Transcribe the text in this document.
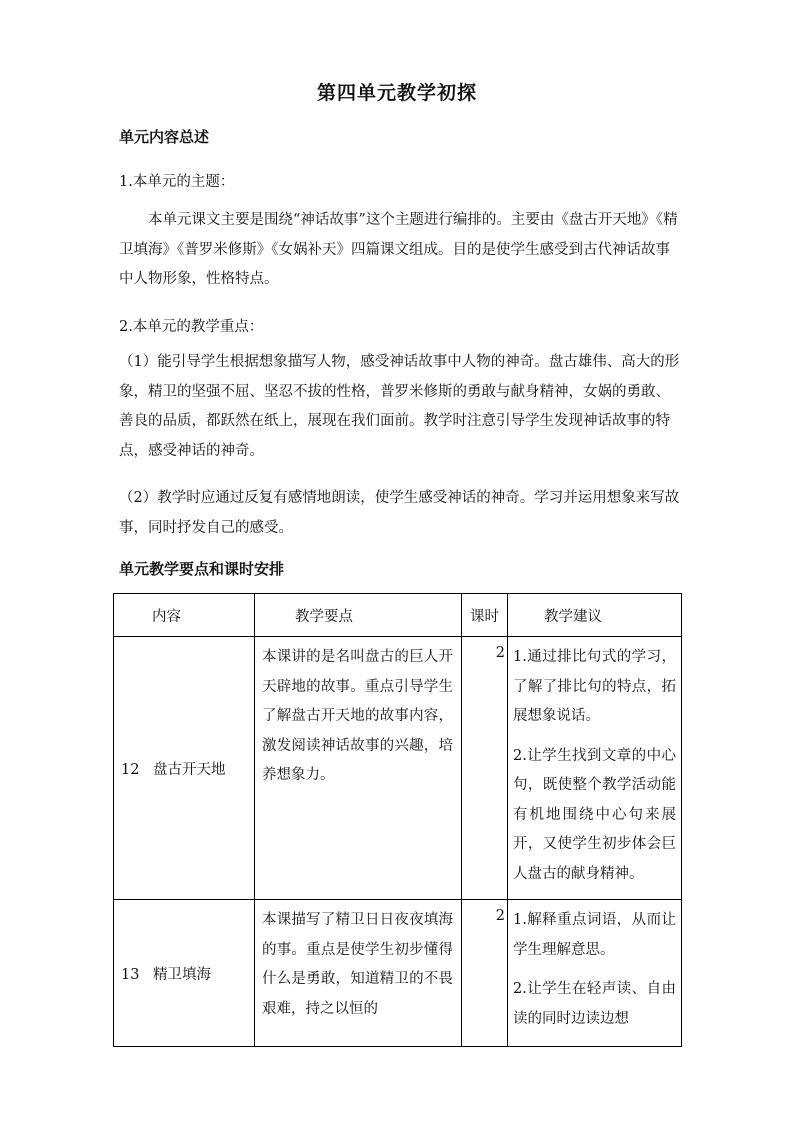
第四单元教学初探
单元内容总述
1.本单元的主题：
本单元课文主要是围绕“神话故事”这个主题进行编排的。主要由《盘古开天地》《精卫填海》《普罗米修斯》《女娲补天》四篇课文组成。目的是使学生感受到古代神话故事中人物形象，性格特点。
2.本单元的教学重点：
（1）能引导学生根据想象描写人物，感受神话故事中人物的神奇。盘古雄伟、高大的形象，精卫的坚强不屈、坚忍不拔的性格，普罗米修斯的勇敢与献身精神，女娲的勇敢、善良的品质，都跃然在纸上，展现在我们面前。教学时注意引导学生发现神话故事的特点，感受神话的神奇。
（2）教学时应通过反复有感情地朗读，使学生感受神话的神奇。学习并运用想象来写故事，同时抒发自己的感受。
单元教学要点和课时安排
内容	教学要点	课时	教学建议

12 盘古开天地	本课讲的是名叫盘古的巨人开天辟地的故事。重点引导学生了解盘古开天地的故事内容，激发阅读神话故事的兴趣，培养想象力。	2	1.通过排比句式的学习，了解了排比句的特点，拓展想象说话。

2.让学生找到文章的中心句，既使整个教学活动能有机地围绕中心句来展开，又使学生初步体会巨人盘古的献身精神。

13 精卫填海	本课描写了精卫日日夜夜填海的事。重点是使学生初步懂得什么是勇敢，知道精卫的不畏艰难，持之以恒的	2	1.解释重点词语，从而让学生理解意思。

2.让学生在轻声读、自由读的同时边读边想
